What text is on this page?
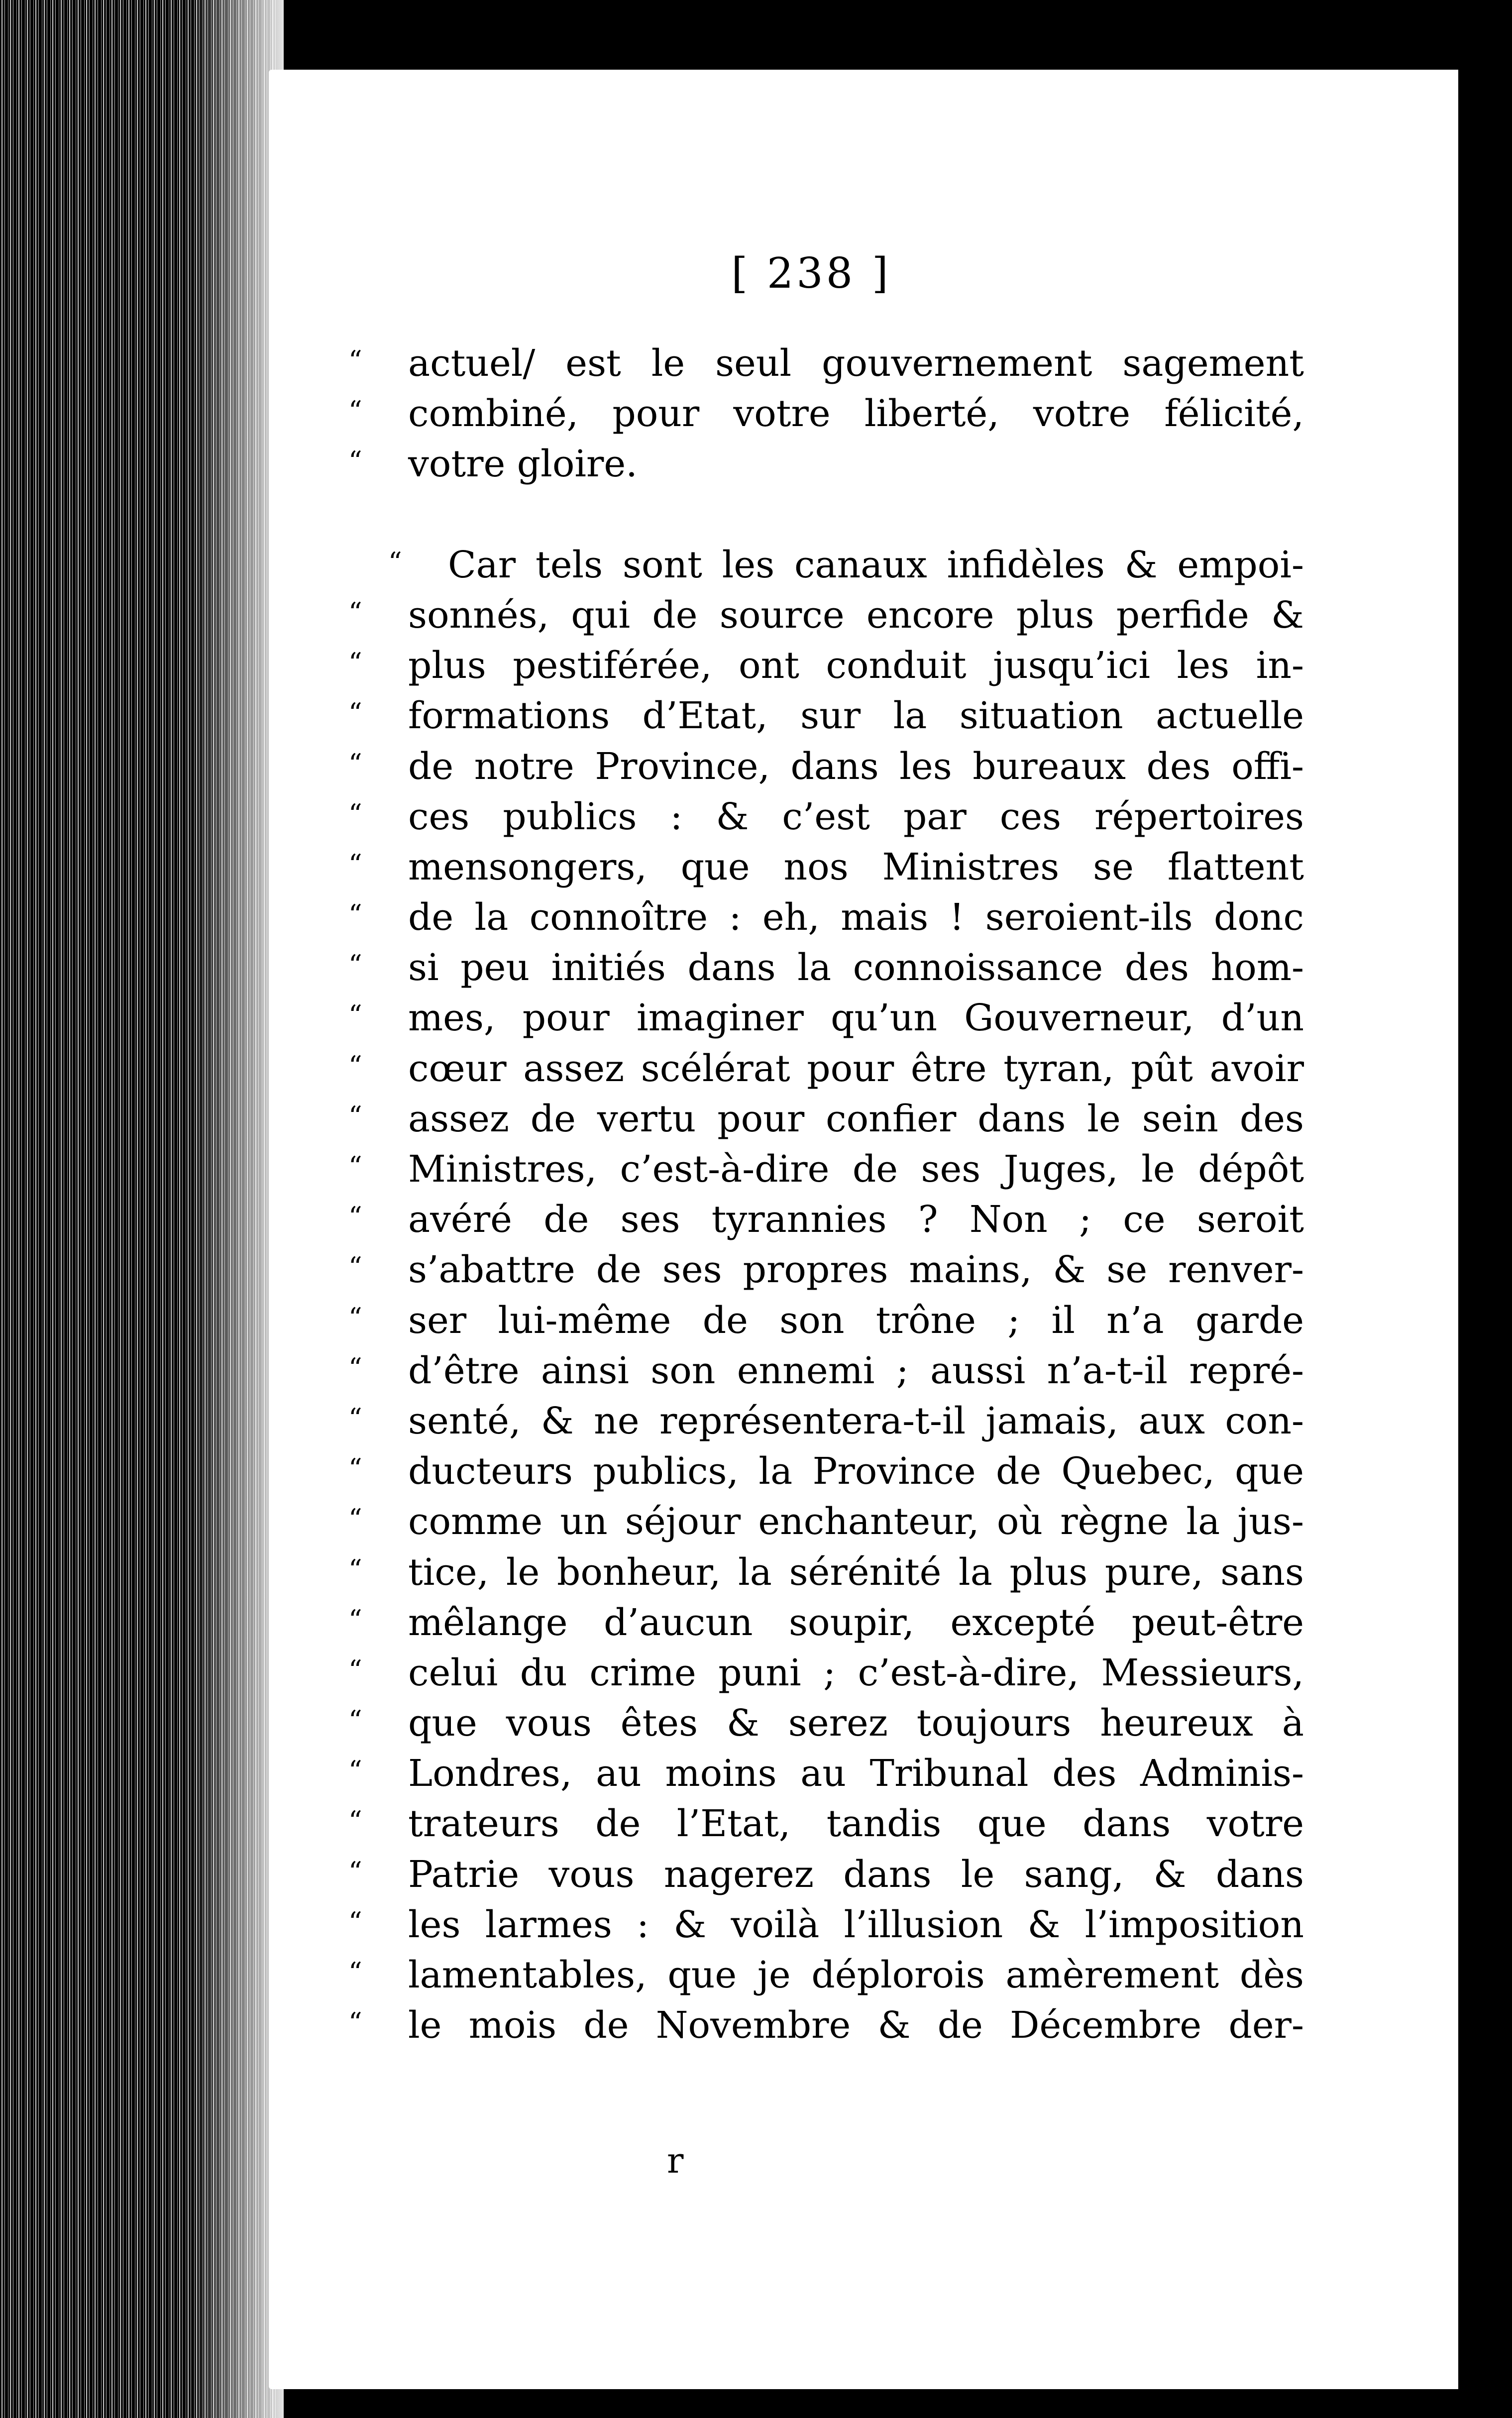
[ 238 ]
“	actuel/ est le seul gouvernement sagement
“	combiné, pour votre liberté, votre félicité,
“	votre gloire.
“	Car tels sont les canaux infidèles & empoi-
“	sonnés, qui de source encore plus perfide &
“	plus pestiférée, ont conduit jusqu’ici les in-
“	formations d’Etat, sur la situation actuelle
“	de notre Province, dans les bureaux des offi-
“	ces publics : & c’est par ces répertoires
“	mensongers, que nos Ministres se flattent
“	de la connoître : eh, mais ! seroient-ils donc
“	si peu initiés dans la connoissance des hom-
“	mes, pour imaginer qu’un Gouverneur, d’un
“	cœur assez scélérat pour être tyran, pût avoir
“	assez de vertu pour confier dans le sein des
“	Ministres, c’est-à-dire de ses Juges, le dépôt
“	avéré de ses tyrannies ? Non ; ce seroit
“	s’abattre de ses propres mains, & se renver-
“	ser lui-même de son trône ; il n’a garde
“	d’être ainsi son ennemi ; aussi n’a-t-il repré-
“	senté, & ne représentera-t-il jamais, aux con-
“	ducteurs publics, la Province de Quebec, que
“	comme un séjour enchanteur, où règne la jus-
“	tice, le bonheur, la sérénité la plus pure, sans
“	mêlange d’aucun soupir, excepté peut-être
“	celui du crime puni ; c’est-à-dire, Messieurs,
“	que vous êtes & serez toujours heureux à
“	Londres, au moins au Tribunal des Adminis-
“	trateurs de l’Etat, tandis que dans votre
“	Patrie vous nagerez dans le sang, & dans
“	les larmes : & voilà l’illusion & l’imposition
“	lamentables, que je déplorois amèrement dès
“	le mois de Novembre & de Décembre der-
r
